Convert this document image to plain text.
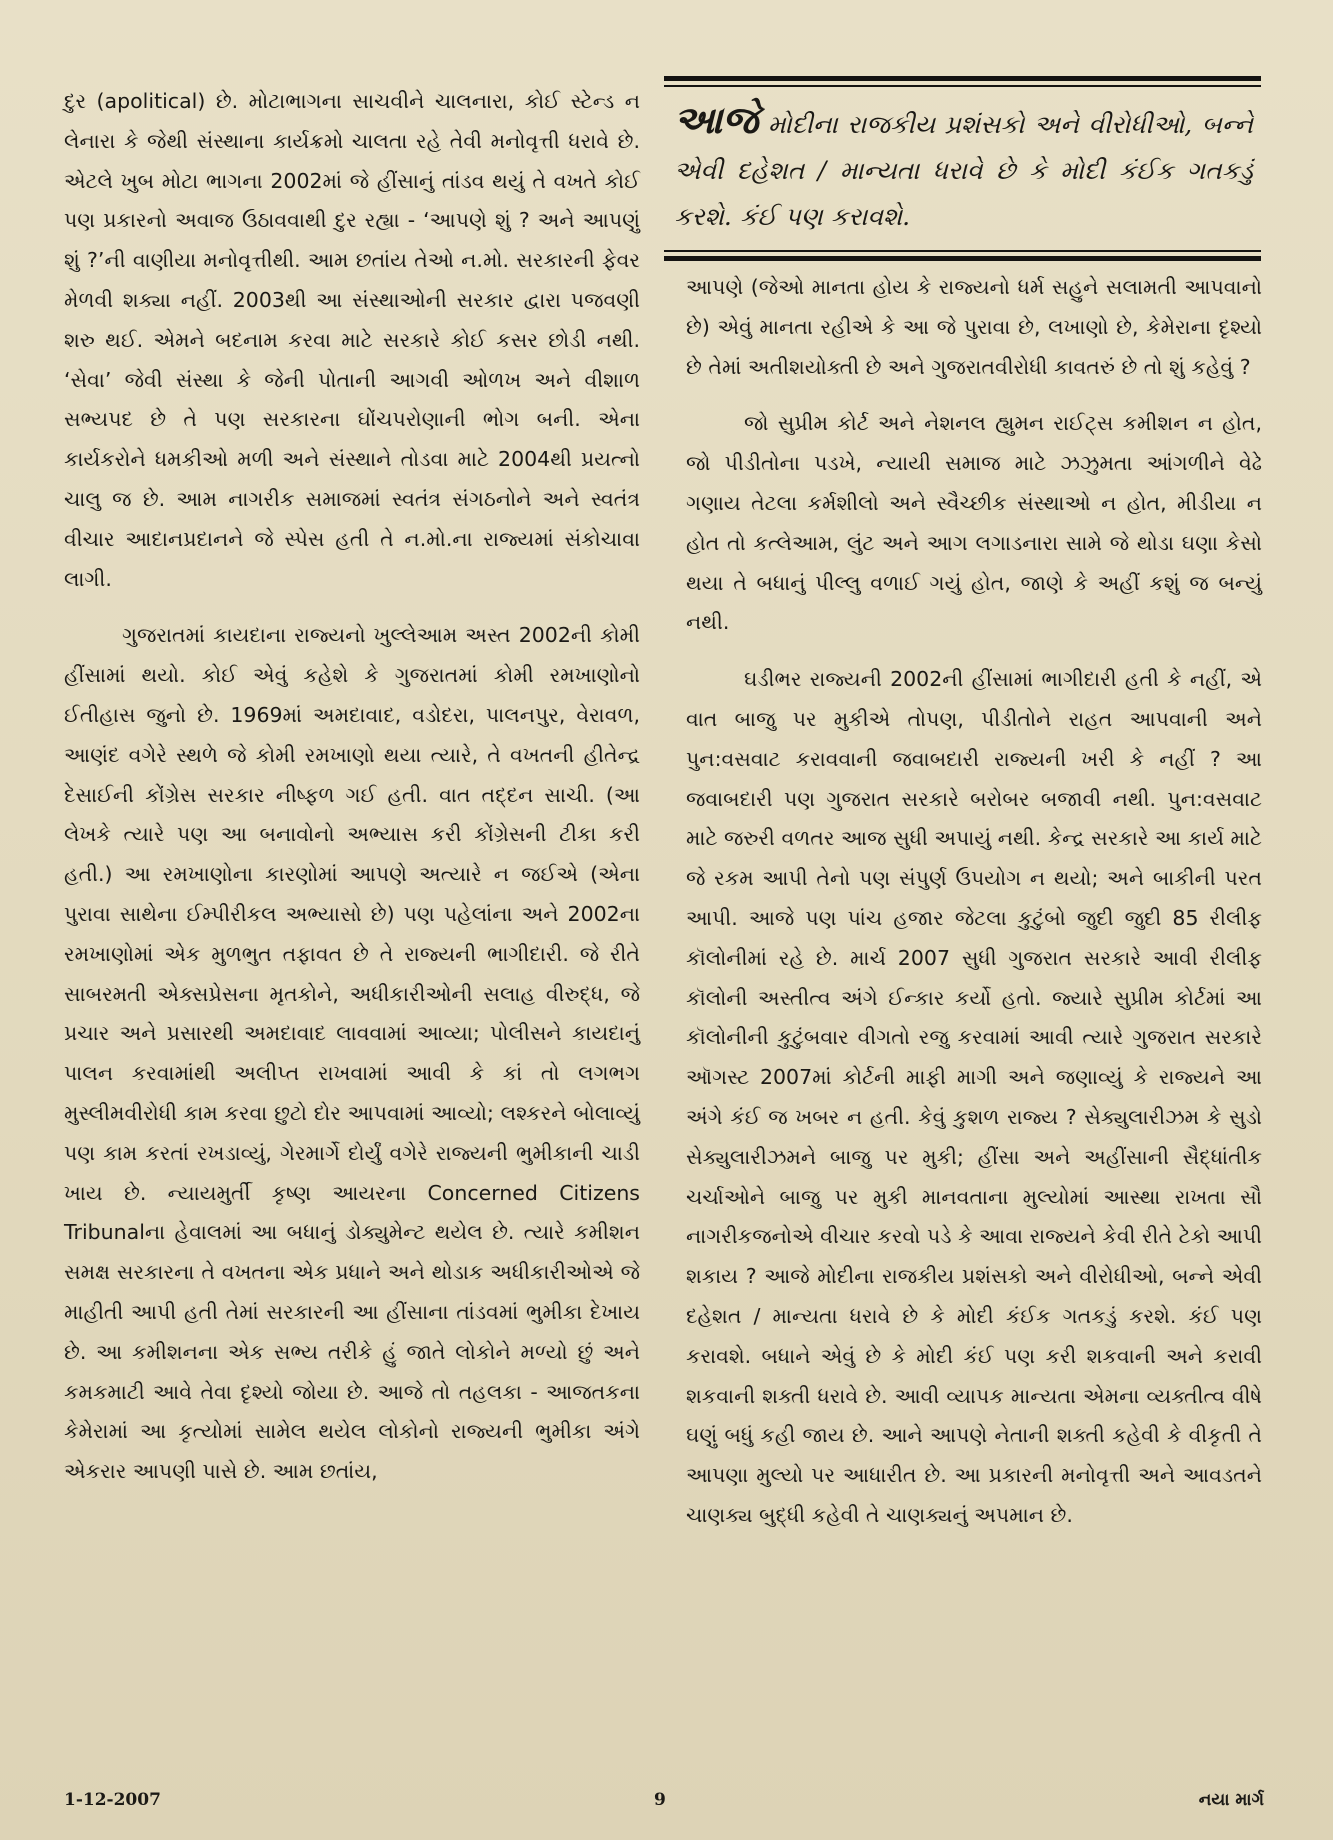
દુર (apolitical) છે. મોટાભાગના સાચવીને ચાલનારા, કોઈ સ્ટેન્ડ ન લેનારા કે જેથી સંસ્થાના કાર્યક્રમો ચાલતા રહે તેવી મનોવૃત્તી ધરાવે છે. એટલે ખુબ મોટા ભાગના 2002માં જે હીંસાનું તાંડવ થયું તે વખતે કોઈ પણ પ્રકારનો અવાજ ઉઠાવવાથી દુર રહ્યા - ‘આપણે શું ? અને આપણું શું ?’ની વાણીયા મનોવૃત્તીથી. આમ છતાંય તેઓ ન.મો. સરકારની ફેવર મેળવી શક્યા નહીં. 2003થી આ સંસ્થાઓની સરકાર દ્વારા પજવણી શરુ થઈ. એમને બદનામ કરવા માટે સરકારે કોઈ કસર છોડી નથી. ‘સેવા’ જેવી સંસ્થા કે જેની પોતાની આગવી ઓળખ અને વીશાળ સભ્યપદ છે તે પણ સરકારના ઘોંચપરોણાની ભોગ બની. એના કાર્યકરોને ધમકીઓ મળી અને સંસ્થાને તોડવા માટે 2004થી પ્રયત્નો ચાલુ જ છે. આમ નાગરીક સમાજમાં સ્વતંત્ર સંગઠનોને અને સ્વતંત્ર વીચાર આદાનપ્રદાનને જે સ્પેસ હતી તે ન.મો.ના રાજ્યમાં સંકોચાવા લાગી.

ગુજરાતમાં કાયદાના રાજ્યનો ખુલ્લેઆમ અસ્ત 2002ની કોમી હીંસામાં થયો. કોઈ એવું કહેશે કે ગુજરાતમાં કોમી રમખાણોનો ઈતીહાસ જુનો છે. 1969માં અમદાવાદ, વડોદરા, પાલનપુર, વેરાવળ, આણંદ વગેરે સ્થળે જે કોમી રમખાણો થયા ત્યારે, તે વખતની હીતેન્દ્ર દેસાઈની કોંગ્રેસ સરકાર નીષ્ફળ ગઈ હતી. વાત તદ્દન સાચી. (આ લેખકે ત્યારે પણ આ બનાવોનો અભ્યાસ કરી કોંગ્રેસની ટીકા કરી હતી.) આ રમખાણોના કારણોમાં આપણે અત્યારે ન જઈએ (એના પુરાવા સાથેના ઈમ્પીરીકલ અભ્યાસો છે) પણ પહેલાંના અને 2002ના રમખાણોમાં એક મુળભુત તફાવત છે તે રાજ્યની ભાગીદારી. જે રીતે સાબરમતી એક્સપ્રેસના મૃતકોને, અધીકારીઓની સલાહ વીરુદ્ધ, જે પ્રચાર અને પ્રસારથી અમદાવાદ લાવવામાં આવ્યા; પોલીસને કાયદાનું પાલન કરવામાંથી અલીપ્ત રાખવામાં આવી કે કાં તો લગભગ મુસ્લીમવીરોધી કામ કરવા છુટો દોર આપવામાં આવ્યો; લશ્કરને બોલાવ્યું પણ કામ કરતાં રખડાવ્યું, ગેરમાર્ગે દોર્યું વગેરે રાજ્યની ભુમીકાની ચાડી ખાય છે. ન્યાયમુર્તી કૃષ્ણ આયરના Concerned Citizens Tribunalના હેવાલમાં આ બધાનું ડોક્યુમેન્ટ થયેલ છે. ત્યારે કમીશન સમક્ષ સરકારના તે વખતના એક પ્રધાને અને થોડાક અધીકારીઓએ જે માહીતી આપી હતી તેમાં સરકારની આ હીંસાના તાંડવમાં ભુમીકા દેખાય છે. આ કમીશનના એક સભ્ય તરીકે હું જાતે લોકોને મળ્યો છું અને કમકમાટી આવે તેવા દૃશ્યો જોયા છે. આજે તો તહલકા - આજતકના કેમેરામાં આ કૃત્યોમાં સામેલ થયેલ લોકોનો રાજ્યની ભુમીકા અંગે એકરાર આપણી પાસે છે. આમ છતાંય,

આજે મોદીના રાજકીય પ્રશંસકો અને વીરોધીઓ, બન્ને એવી દહેશત / માન્યતા ધરાવે છે કે મોદી કંઈક ગતકડું કરશે. કંઈ પણ કરાવશે.

આપણે (જેઓ માનતા હોય કે રાજ્યનો ધર્મ સહુને સલામતી આપવાનો છે) એવું માનતા રહીએ કે આ જે પુરાવા છે, લખાણો છે, કેમેરાના દૃશ્યો છે તેમાં અતીશયોક્તી છે અને ગુજરાતવીરોધી કાવતરું છે તો શું કહેવું ?

જો સુપ્રીમ કોર્ટ અને નેશનલ હ્યુમન રાઈટ્સ કમીશન ન હોત, જો પીડીતોના પડખે, ન્યાયી સમાજ માટે ઝઝુમતા આંગળીને વેઢે ગણાય તેટલા કર્મશીલો અને સ્વૈચ્છીક સંસ્થાઓ ન હોત, મીડીયા ન હોત તો કત્લેઆમ, લુંટ અને આગ લગાડનારા સામે જે થોડા ઘણા કેસો થયા તે બધાનું પીલ્લુ વળાઈ ગયું હોત, જાણે કે અહીં કશું જ બન્યું નથી.

ઘડીભર રાજ્યની 2002ની હીંસામાં ભાગીદારી હતી કે નહીં, એ વાત બાજુ પર મુકીએ તોપણ, પીડીતોને રાહત આપવાની અને પુન:વસવાટ કરાવવાની જવાબદારી રાજ્યની ખરી કે નહીં ? આ જવાબદારી પણ ગુજરાત સરકારે બરોબર બજાવી નથી. પુન:વસવાટ માટે જરુરી વળતર આજ સુધી અપાયું નથી. કેન્દ્ર સરકારે આ કાર્ય માટે જે રકમ આપી તેનો પણ સંપુર્ણ ઉપયોગ ન થયો; અને બાકીની પરત આપી. આજે પણ પાંચ હજાર જેટલા કુટુંબો જુદી જુદી 85 રીલીફ કૉલોનીમાં રહે છે. માર્ચ 2007 સુધી ગુજરાત સરકારે આવી રીલીફ કૉલોની અસ્તીત્વ અંગે ઈન્કાર કર્યો હતો. જ્યારે સુપ્રીમ કોર્ટમાં આ કૉલોનીની કુટુંબવાર વીગતો રજુ કરવામાં આવી ત્યારે ગુજરાત સરકારે ઑગસ્ટ 2007માં કોર્ટની માફી માગી અને જણાવ્યું કે રાજ્યને આ અંગે કંઈ જ ખબર ન હતી. કેવું કુશળ રાજ્ય ? સેક્યુલારીઝમ કે સુડો સેક્યુલારીઝમને બાજુ પર મુકી; હીંસા અને અહીંસાની સૈદ્ધાંતીક ચર્ચાઓને બાજુ પર મુકી માનવતાના મુલ્યોમાં આસ્થા રાખતા સૌ નાગરીકજનોએ વીચાર કરવો પડે કે આવા રાજ્યને કેવી રીતે ટેકો આપી શકાય ? આજે મોદીના રાજકીય પ્રશંસકો અને વીરોધીઓ, બન્ને એવી દહેશત / માન્યતા ધરાવે છે કે મોદી કંઈક ગતકડું કરશે. કંઈ પણ કરાવશે. બધાને એવું છે કે મોદી કંઈ પણ કરી શકવાની અને કરાવી શકવાની શક્તી ધરાવે છે. આવી વ્યાપક માન્યતા એમના વ્યક્તીત્વ વીષે ઘણું બધું કહી જાય છે. આને આપણે નેતાની શક્તી કહેવી કે વીકૃતી તે આપણા મુલ્યો પર આધારીત છે. આ પ્રકારની મનોવૃત્તી અને આવડતને ચાણક્ય બુદ્ધી કહેવી તે ચાણક્યનું અપમાન છે.

1-12-2007	9	નયા માર્ગ
